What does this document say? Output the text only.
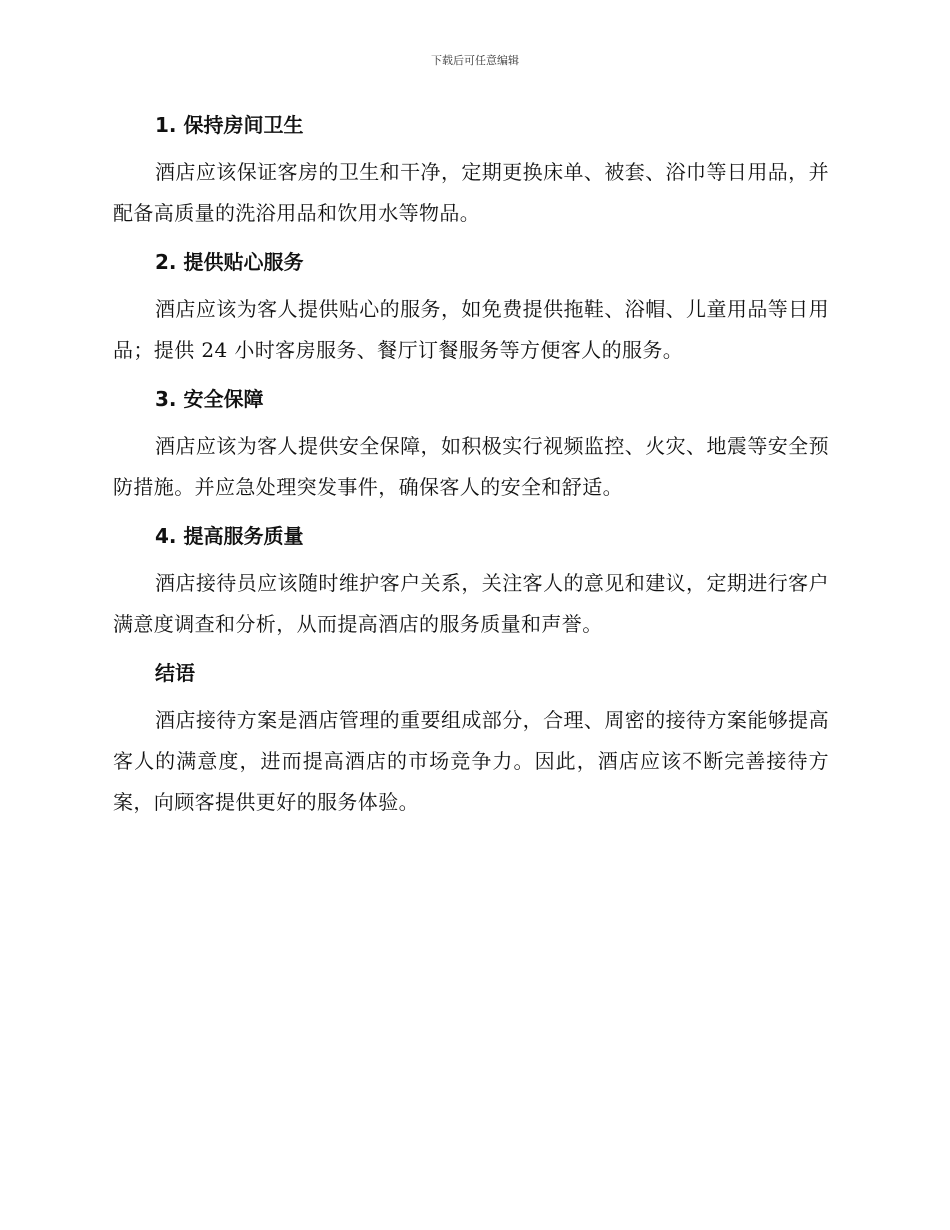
下载后可任意编辑
1. 保持房间卫生

酒店应该保证客房的卫生和干净，定期更换床单、被套、浴巾等日用品，并配备高质量的洗浴用品和饮用水等物品。

2. 提供贴心服务

酒店应该为客人提供贴心的服务，如免费提供拖鞋、浴帽、儿童用品等日用品；提供 24 小时客房服务、餐厅订餐服务等方便客人的服务。

3. 安全保障

酒店应该为客人提供安全保障，如积极实行视频监控、火灾、地震等安全预防措施。并应急处理突发事件，确保客人的安全和舒适。

4. 提高服务质量

酒店接待员应该随时维护客户关系，关注客人的意见和建议，定期进行客户满意度调查和分析，从而提高酒店的服务质量和声誉。

结语

酒店接待方案是酒店管理的重要组成部分，合理、周密的接待方案能够提高客人的满意度，进而提高酒店的市场竞争力。因此，酒店应该不断完善接待方案，向顾客提供更好的服务体验。
